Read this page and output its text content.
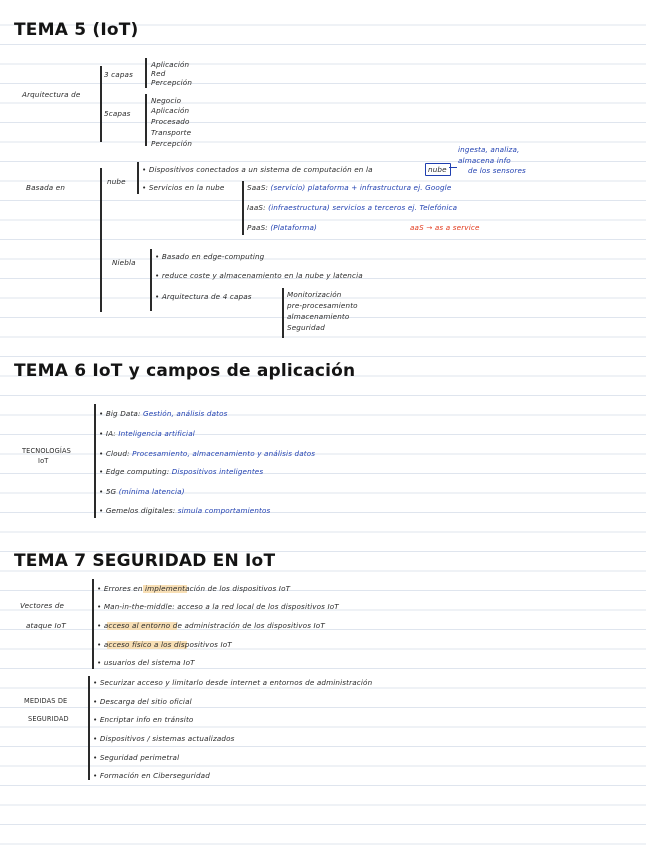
TEMA 5 (IoT)
Arquitectura de
3 capas
Aplicación
Red
Percepción
5capas
Negocio
Aplicación
Procesado
Transporte
Percepción
Basada en
nube
• Dispositivos conectados a un sistema de computación en la	nube
ingesta, analiza,
almacena info
de los sensores
• Servicios en la nube	SaaS: (servicio) plataforma + infrastructura ej. Google
IaaS: (infraestructura) servicios a terceros ej. Telefónica
PaaS: (Plataforma)	aaS → as a service
Niebla
• Basado en edge-computing
• reduce coste y almacenamiento en la nube y latencia
• Arquitectura de 4 capas	Monitorización
pre-procesamiento
almacenamiento
Seguridad
TEMA 6 IoT y campos de aplicación
TECNOLOGÍAS
IoT
• Big Data: Gestión, análisis datos
• IA: Inteligencia artificial
• Cloud: Procesamiento, almacenamiento y análisis datos
• Edge computing: Dispositivos inteligentes
• 5G (mínima latencia)
• Gemelos digitales: simula comportamientos
TEMA 7 SEGURIDAD EN IoT
Vectores de
ataque IoT
• Errores en implementación de los dispositivos IoT
• Man-in-the-middle: acceso a la red local de los dispositivos IoT
• acceso al entorno de administración de los dispositivos IoT
• acceso físico a los dispositivos IoT
• usuarios del sistema IoT
MEDIDAS DE
SEGURIDAD
• Securizar acceso y limitarlo desde internet a entornos de administración
• Descarga del sitio oficial
• Encriptar info en tránsito
• Dispositivos / sistemas actualizados
• Seguridad perimetral
• Formación en Ciberseguridad
